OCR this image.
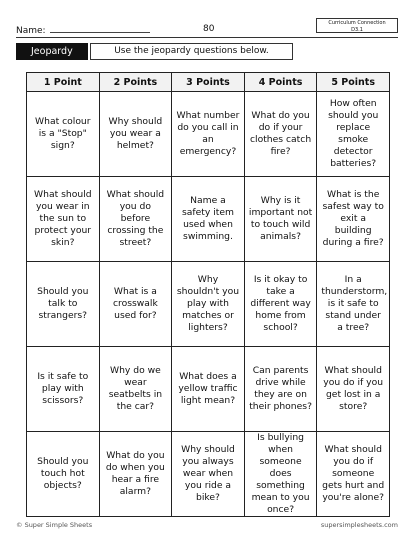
Name:	80
Curriculum Connection
D3.1
Jeopardy	Use the jeopardy questions below.
1 Point	2 Points	3 Points	4 Points	5 Points
What colour is a "Stop" sign?	Why should you wear a helmet?	What number do you call in an emergency?	What do you do if your clothes catch fire?	How often should you replace smoke detector batteries?
What should you wear in the sun to protect your skin?	What should you do before crossing the street?	Name a safety item used when swimming.	Why is it important not to touch wild animals?	What is the safest way to exit a building during a fire?
Should you talk to strangers?	What is a crosswalk used for?	Why shouldn't you play with matches or lighters?	Is it okay to take a different way home from school?	In a thunderstorm, is it safe to stand under a tree?
Is it safe to play with scissors?	Why do we wear seatbelts in the car?	What does a yellow traffic light mean?	Can parents drive while they are on their phones?	What should you do if you get lost in a store?
Should you touch hot objects?	What do you do when you hear a fire alarm?	Why should you always wear when you ride a bike?	Is bullying when someone does something mean to you once?	What should you do if someone gets hurt and you're alone?
© Super Simple Sheets	supersimplesheets.com
